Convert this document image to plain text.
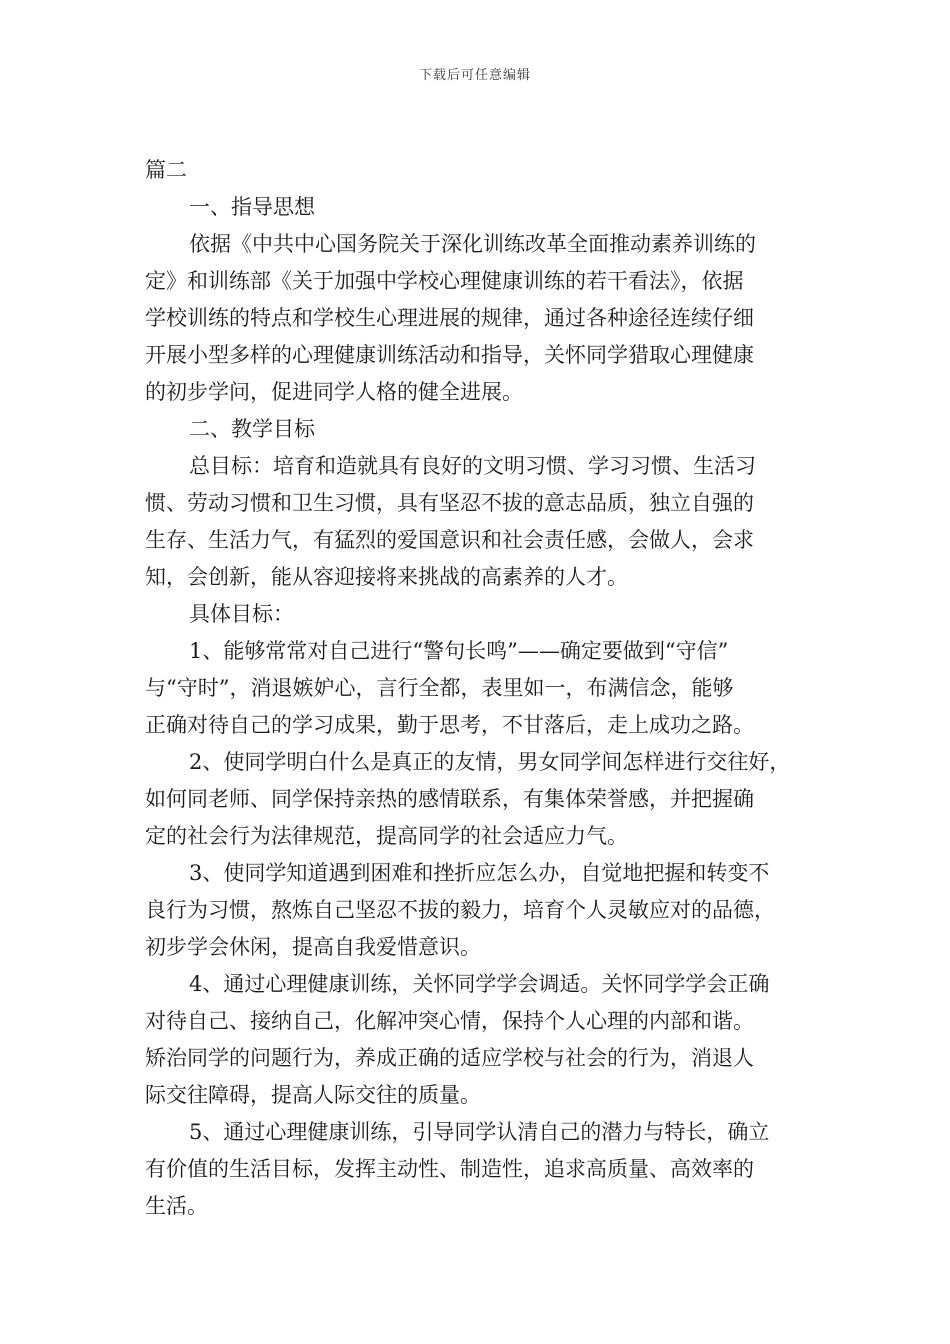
下载后可任意编辑
篇二
一、指导思想
依据《中共中心国务院关于深化训练改革全面推动素养训练的
定》和训练部《关于加强中学校心理健康训练的若干看法》，依据
学校训练的特点和学校生心理进展的规律，通过各种途径连续仔细
开展小型多样的心理健康训练活动和指导，关怀同学猎取心理健康
的初步学问，促进同学人格的健全进展。
二、教学目标
总目标：培育和造就具有良好的文明习惯、学习习惯、生活习
惯、劳动习惯和卫生习惯，具有坚忍不拔的意志品质，独立自强的
生存、生活力气，有猛烈的爱国意识和社会责任感，会做人，会求
知，会创新，能从容迎接将来挑战的高素养的人才。
具体目标：
1、能够常常对自己进行“警句长鸣”——确定要做到“守信”
与“守时”，消退嫉妒心，言行全都，表里如一，布满信念，能够
正确对待自己的学习成果，勤于思考，不甘落后，走上成功之路。
2、使同学明白什么是真正的友情，男女同学间怎样进行交往好，
如何同老师、同学保持亲热的感情联系，有集体荣誉感，并把握确
定的社会行为法律规范，提高同学的社会适应力气。
3、使同学知道遇到困难和挫折应怎么办，自觉地把握和转变不
良行为习惯，熬炼自己坚忍不拔的毅力，培育个人灵敏应对的品德，
初步学会休闲，提高自我爱惜意识。
4、通过心理健康训练，关怀同学学会调适。关怀同学学会正确
对待自己、接纳自己，化解冲突心情，保持个人心理的内部和谐。
矫治同学的问题行为，养成正确的适应学校与社会的行为，消退人
际交往障碍，提高人际交往的质量。
5、通过心理健康训练，引导同学认清自己的潜力与特长，确立
有价值的生活目标，发挥主动性、制造性，追求高质量、高效率的
生活。
